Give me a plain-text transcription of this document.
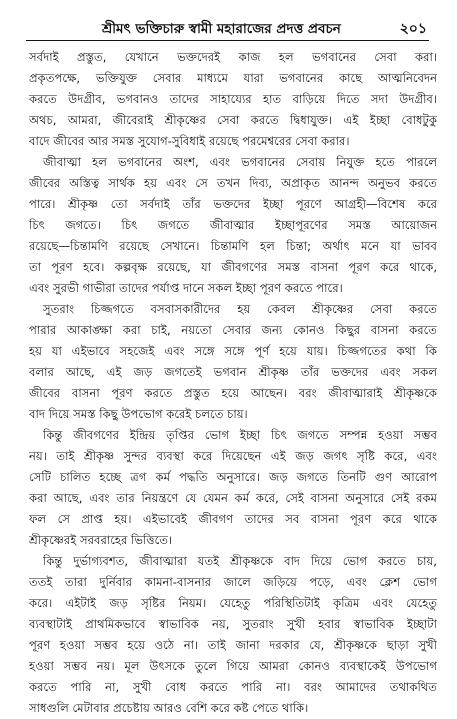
শ্রীমৎ ভক্তিচারু স্বামী মহারাজের প্রদত্ত প্রবচন	২০১

সর্বদাই প্রস্তুত, যেখানে ভক্তদেরই কাজ হল ভগবানের সেবা করা।
প্রকৃতপক্ষে, ভক্তিযুক্ত সেবার মাধ্যমে যারা ভগবানের কাছে আত্মনিবেদন
করতে উদগ্রীব, ভগবানও তাদের সাহায্যের হাত বাড়িয়ে দিতে সদা উদগ্রীব।
অথচ, আমরা, জীবেরাই শ্রীকৃষ্ণের সেবা করতে দ্বিধাযুক্ত। এই ইচ্ছা বোধটুকু
বাদে জীবের আর সমস্ত সুযোগ-সুবিধাই রয়েছে পরমেশ্বরের সেবা করার।

জীবাত্মা হল ভগবানের অংশ, এবং ভগবানের সেবায় নিযুক্ত হতে পারলে
জীবের অস্তিত্ব সার্থক হয় এবং সে তখন দিব্য, অপ্রাকৃত আনন্দ অনুভব করতে
পারে। শ্রীকৃষ্ণ তো সর্বদাই তাঁর ভক্তদের ইচ্ছা পূরণে আগ্রহী—বিশেষ করে
চিৎ জগতে। চিৎ জগতে জীবাত্মার ইচ্ছাপূরণের সমস্ত আয়োজন
রয়েছে—চিন্তামণি রয়েছে সেখানে। চিন্তামণি হল চিন্তা; অর্থাৎ মনে যা ভাবব
তা পূরণ হবে। কল্পবৃক্ষ রয়েছে, যা জীবগণের সমস্ত বাসনা পূরণ করে থাকে,
এবং সুরভী গাভীরা তাদের পর্যাপ্ত দানে সকল ইচ্ছা পূরণ করতে পারে।

সুতরাং চিজ্জগতে বসবাসকারীদের হয় কেবল শ্রীকৃষ্ণের সেবা করতে
পারার আকাঙ্ক্ষা করা চাই, নয়তো সেবার জন্য কোনও কিছুর বাসনা করতে
হয় যা এইভাবে সহজেই এবং সঙ্গে সঙ্গে পূর্ণ হয়ে যায়। চিজ্জগতের কথা কি
বলার আছে, এই জড় জগতেই ভগবান শ্রীকৃষ্ণ তাঁর ভক্তদের এবং সকল
জীবের বাসনা পূরণ করতে প্রস্তুত হয়ে আছেন। বরং জীবাত্মারাই শ্রীকৃষ্ণকে
বাদ দিয়ে সমস্ত কিছু উপভোগ করেই চলতে চায়।

কিন্তু জীবগণের ইন্দ্রিয় তৃপ্তির ভোগ ইচ্ছা চিৎ জগতে সম্পন্ন হওয়া সম্ভব
নয়। তাই শ্রীকৃষ্ণ সুন্দর ব্যবস্থা করে দিয়েছেন এই জড় জগৎ সৃষ্টি করে, এবং
সেটি চালিত হচ্ছে ত্রগ কর্ম পদ্ধতি অনুসারে। জড় জগতে তিনটি গুণ আরোপ
করা আছে, এবং তার নিয়ন্ত্রণে যে যেমন কর্ম করে, সেই বাসনা অনুসারে সেই রকম
ফল সে প্রাপ্ত হয়। এইভাবেই জীবগণ তাদের সব বাসনা পূরণ করে থাকে
শ্রীকৃষ্ণেরই সরবরাহের ভিত্তিতে।

কিন্তু দুর্ভাগ্যবশত, জীবাত্মারা যতই শ্রীকৃষ্ণকে বাদ দিয়ে ভোগ করতে চায়,
ততই তারা দুর্নিবার কামনা-বাসনার জালে জড়িয়ে পড়ে, এবং ক্লেশ ভোগ
করে। এইটাই জড় সৃষ্টির নিয়ম। যেহেতু পরিস্থিতিটাই কৃত্রিম এবং যেহেতু
ব্যবস্থাটাই প্রাথমিকভাবে স্বাভাবিক নয়, সুতরাং সুখী হবার স্বাভাবিক ইচ্ছাটা
পূরণ হওয়া সম্ভব হয়ে ওঠে না। তাই জানা দরকার যে, শ্রীকৃষ্ণকে ছাড়া সুখী
হওয়া সম্ভব নয়। মূল উৎসকে তুলে গিয়ে আমরা কোনও ব্যবস্থাকেই উপভোগ
করতে পারি না, সুখী বোধ করতে পারি না। বরং আমাদের তথাকথিত
সাধগুলি মেটাবার প্রচেষ্টায় আরও বেশি করে কষ্ট পেতে থাকি।
